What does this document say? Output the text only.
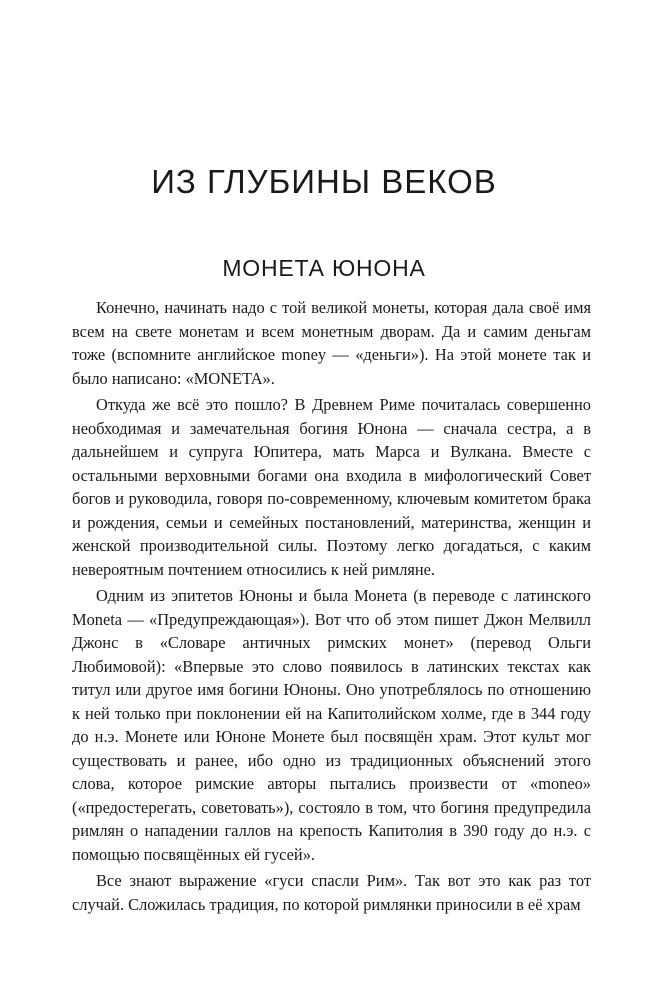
ИЗ ГЛУБИНЫ ВЕКОВ
МОНЕТА ЮНОНА

Конечно, начинать надо с той великой монеты, которая дала своё имя всем на свете монетам и всем монетным дворам. Да и самим деньгам тоже (вспомните английское money — «деньги»). На этой монете так и было написано: «MONETA».

Откуда же всё это пошло? В Древнем Риме почиталась совершенно необходимая и замечательная богиня Юнона — сначала сестра, а в дальнейшем и супруга Юпитера, мать Марса и Вулкана. Вместе с остальными верховными богами она входила в мифологический Совет богов и руководила, говоря по-современному, ключевым комитетом брака и рождения, семьи и семейных постановлений, материнства, женщин и женской производительной силы. Поэтому легко догадаться, с каким невероятным почтением относились к ней римляне.

Одним из эпитетов Юноны и была Монета (в переводе с латинского Moneta — «Предупреждающая»). Вот что об этом пишет Джон Мелвилл Джонс в «Словаре античных римских монет» (перевод Ольги Любимовой): «Впервые это слово появилось в латинских текстах как титул или другое имя богини Юноны. Оно употреблялось по отношению к ней только при поклонении ей на Капитолийском холме, где в 344 году до н.э. Монете или Юноне Монете был посвящён храм. Этот культ мог существовать и ранее, ибо одно из традиционных объяснений этого слова, которое римские авторы пытались произвести от «moneo» («предостерегать, советовать»), состояло в том, что богиня предупредила римлян о нападении галлов на крепость Капитолия в 390 году до н.э. с помощью посвящённых ей гусей».

Все знают выражение «гуси спасли Рим». Так вот это как раз тот случай. Сложилась традиция, по которой римлянки приносили в её храм
